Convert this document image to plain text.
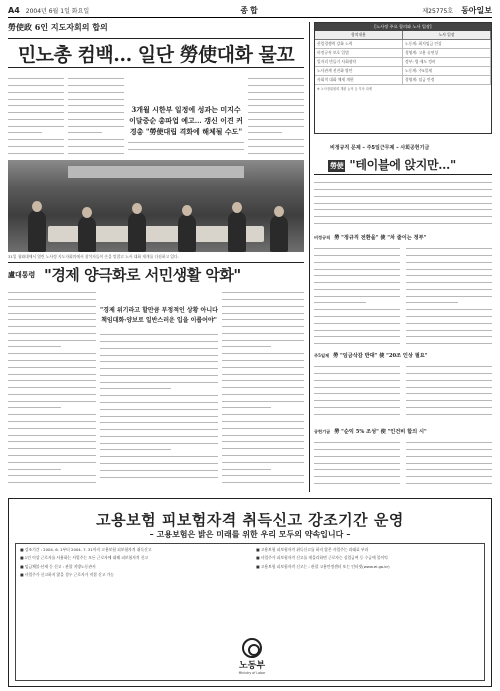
A4 2004년 6월 1일 화요일	종합	제25775호 동아일보
勞使政 6인 지도자회의 합의
민노총 컴백… 일단 勞使대화 물꼬
3개월 시한부 일정에 성과는 미지수
이달중순 총파업 예고… 갱신 이견 커
경총 "勞使대립 격화에 해체될 수도"
31일 청와대에서 열린 노사정 지도자회의에서 참석자들이 손을 맞잡고 노사 대화 재개를 다짐하고 있다.
盧대통령 "경제 양극화로 서민생활 악화"
"경제 위기라고 할만큼 부정적인 상황 아니다
책임대화·양보로 일반스러운 입을 이룹어야"
[노사정 주요 합의와 노사 입장]
합의내용	노사 입장
산업경쟁력 강화 노력	노동계: 최저임금 인상
비정규직 보호 입법	경영계: 고용 유연성
일자리 만들기 사회협약	정부: 법·제도 정비
노사관계 선진화 방안	노동계: 주5일제
사회적 대화 체제 개편	경영계: 임금 안정
※ 노사정위원회 개편 논의 등 후속 과제
비정규직 문제 – 주5일근무제 – 사회공헌기금
勞使 "테이블에 앉지만…"
비정규직 勞 "정규직 전환을" 使 "차 줄이는 정부"
주5일제 勞 "임금삭감 반대" 使 "20조 인상 필요"
공헌기금 勞 "순익 5% 조성" 使 "인건비 합의 시"
고용보험 피보험자격 취득신고 강조기간 운영
– 고용보험은 밝은 미래를 위한 우리 모두의 약속입니다 –
■ 강조기간 : 2004. 6. 1부터 2004. 7. 31까지 고용보험 피보험자격 취득신고
■ 1인 이상 근로자를 사용하는 사업주는 모든 근로자에 대해 피보험자격 신고
■ 임금체불·산재 등 신고 : 관할 지방노동관서
■ 사업주가 신고하지 않을 경우 근로자가 직접 신고 가능
■ 고용보험 피보험자격 취득신고를 하지 않은 사업주는 과태료 부과
■ 사업주가 피보험자격 신고를 게을리하면 근로자는 실업급여 등 수급에 불이익
■ 고용보험 피보험자격 신고는 : 관할 고용안정센터 또는 인터넷(www.ei.go.kr)
노동부
Ministry of Labor
